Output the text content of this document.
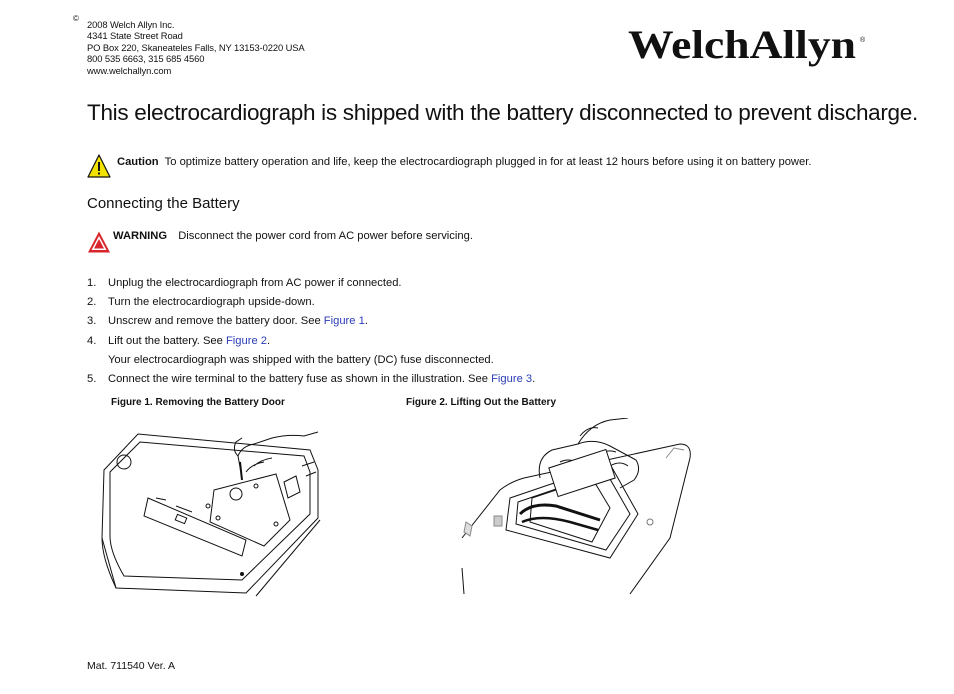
©
2008 Welch Allyn Inc.
4341 State Street Road
PO Box 220, Skaneateles Falls, NY 13153-0220 USA
800 535 6663, 315 685 4560
www.welchallyn.com
WelchAllyn ®
This electrocardiograph is shipped with the battery disconnected to prevent discharge.
Caution To optimize battery operation and life, keep the electrocardiograph plugged in for at least 12 hours before using it on battery power.
Connecting the Battery
WARNING Disconnect the power cord from AC power before servicing.
1. Unplug the electrocardiograph from AC power if connected.
2. Turn the electrocardiograph upside-down.
3. Unscrew and remove the battery door. See Figure 1.
4. Lift out the battery. See Figure 2.
Your electrocardiograph was shipped with the battery (DC) fuse disconnected.
5. Connect the wire terminal to the battery fuse as shown in the illustration. See Figure 3.
Figure 1. Removing the Battery Door	Figure 2. Lifting Out the Battery
Mat. 711540 Ver. A
